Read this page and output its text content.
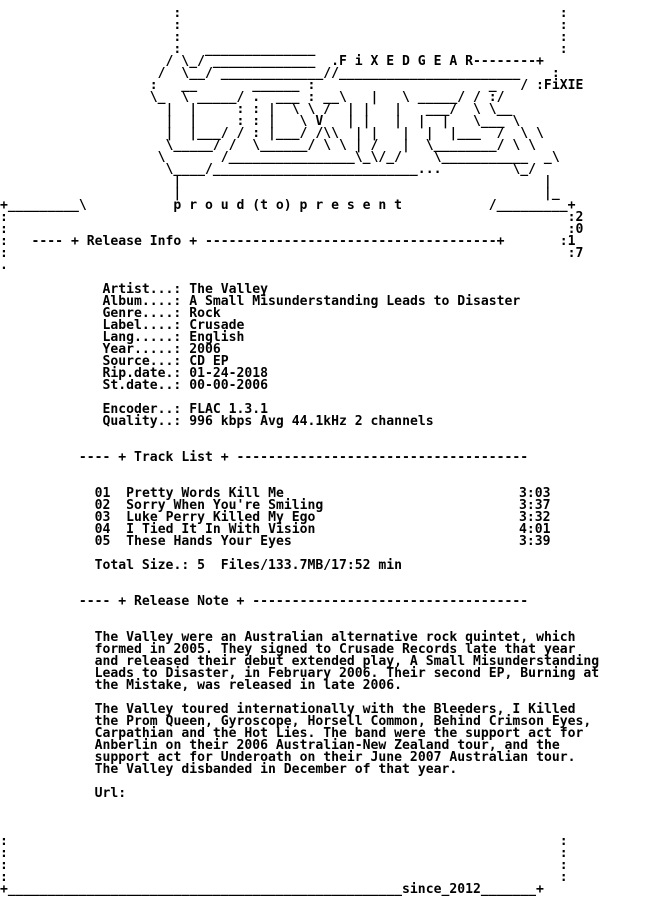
:                                                :
:                                                :
:                                                :
:   ______________                               :
/ \_/ _____________  .F i X E D G E A R--------+
/  \__/ _____________//_______________________    :
:   __       ______ :                      _   / :FiXIE
\_  \ _____/ .  ___ : __\   |   \ _____/ / :/
|  |     : : |  \ \ /  | |   |   ___/  \ \__
|  |     : : |   \ V   | |   |  |  |   \___ \
|  |___/ / : |___/ /\\  | |   |  |  |___  /  \ \
\_____/ /  \______/ \ \ | /   |  \________/ \ \
\       /________________\_\/_/    \___________  _\
\____/__________________________...         \_/
|                                              |
|                                              |_
+_________\           p r o u d (t o) p r e s e n t           /_________+
:                                                                       :2
:                                                                       :0
:   ---- + Release Info + -------------------------------------+       :1
:                                                                       :7
.

Artist...: The Valley
Album....: A Small Misunderstanding Leads to Disaster
Genre....: Rock
Label....: Crusade
Lang.....: English
Year.....: 2006
Source...: CD EP
Rip.date.: 01-24-2018
St.date..: 00-00-2006

Encoder..: FLAC 1.3.1
Quality..: 996 kbps Avg 44.1kHz 2 channels

---- + Track List + -------------------------------------

01 Pretty Words Kill Me	3:03
02 Sorry When You're Smiling	3:37
03 Luke Perry Killed My Ego	3:32
04 I Tied It In With Vision	4:01
05 These Hands Your Eyes	3:39

Total Size.: 5  Files/133.7MB/17:52 min

---- + Release Note + -----------------------------------

The Valley were an Australian alternative rock quintet, which
formed in 2005. They signed to Crusade Records late that year
and released their debut extended play, A Small Misunderstanding
Leads to Disaster, in February 2006. Their second EP, Burning at
the Mistake, was released in late 2006.

The Valley toured internationally with the Bleeders, I Killed
the Prom Queen, Gyroscope, Horsell Common, Behind Crimson Eyes,
Carpathian and the Hot Lies. The band were the support act for
Anberlin on their 2006 Australian-New Zealand tour, and the
support act for Underoath on their June 2007 Australian tour.
The Valley disbanded in December of that year.

Url:

:                                                                      :
:                                                                      :
:                                                                      :
:                                                                      :
+__________________________________________________since_2012_______+
